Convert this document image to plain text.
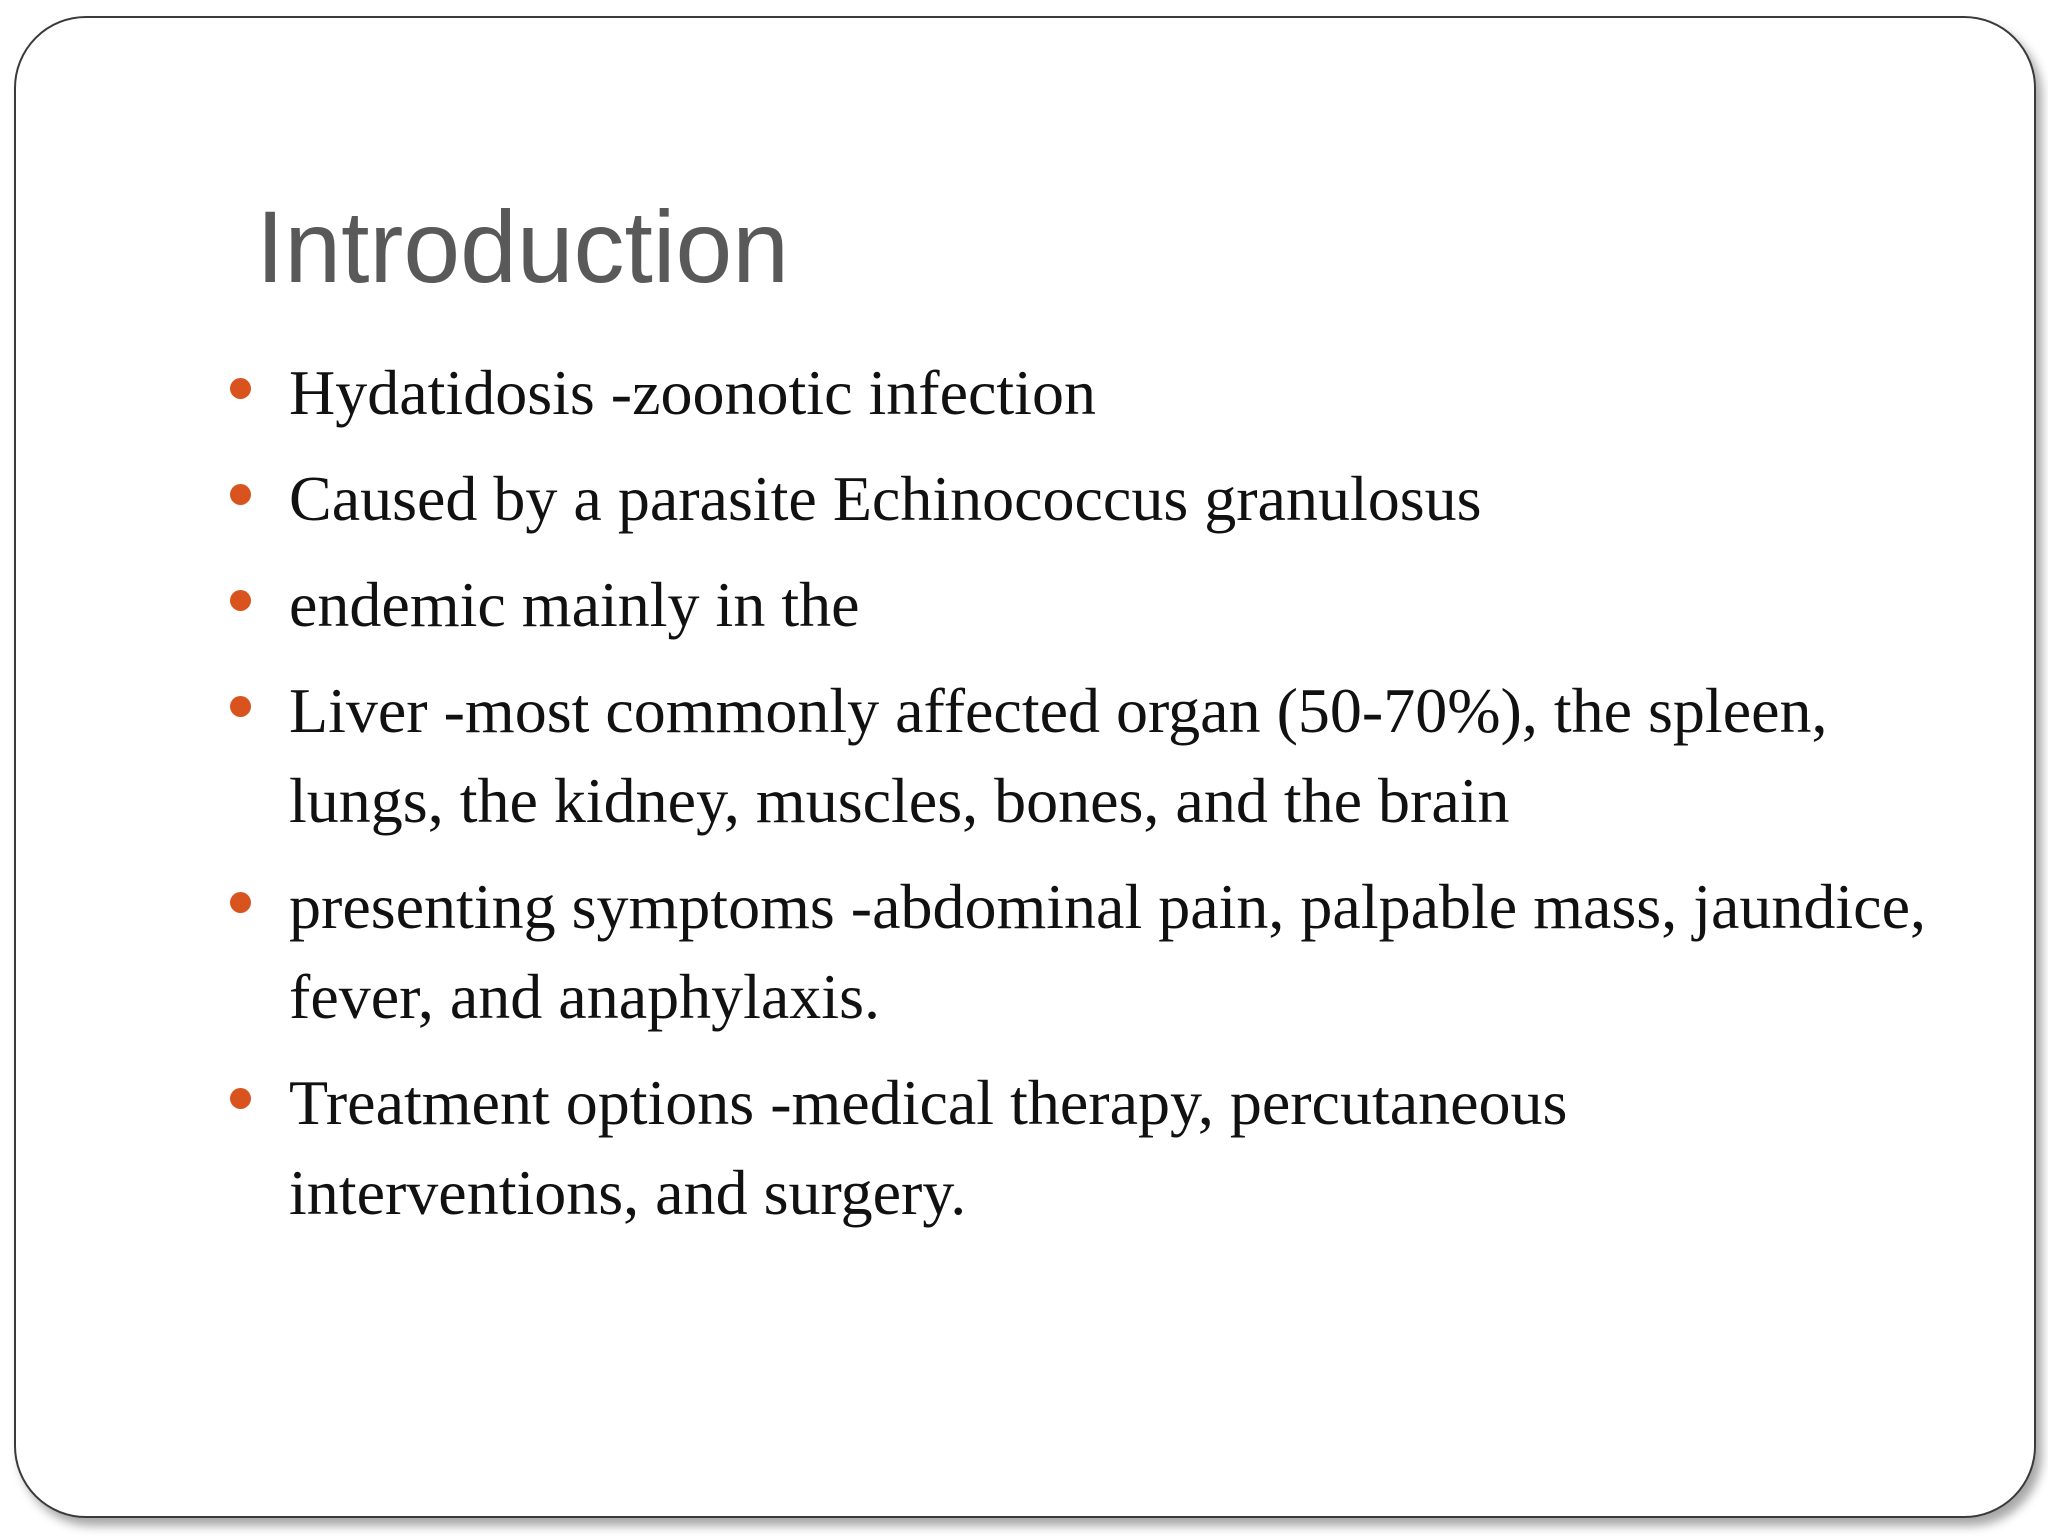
Introduction
Hydatidosis -zoonotic infection
Caused by a parasite Echinococcus granulosus
endemic mainly in the
Liver -most commonly affected organ (50-70%), the spleen, lungs, the kidney, muscles, bones, and the brain
presenting symptoms -abdominal pain, palpable mass, jaundice, fever, and anaphylaxis.
Treatment options -medical therapy, percutaneous interventions, and surgery.
